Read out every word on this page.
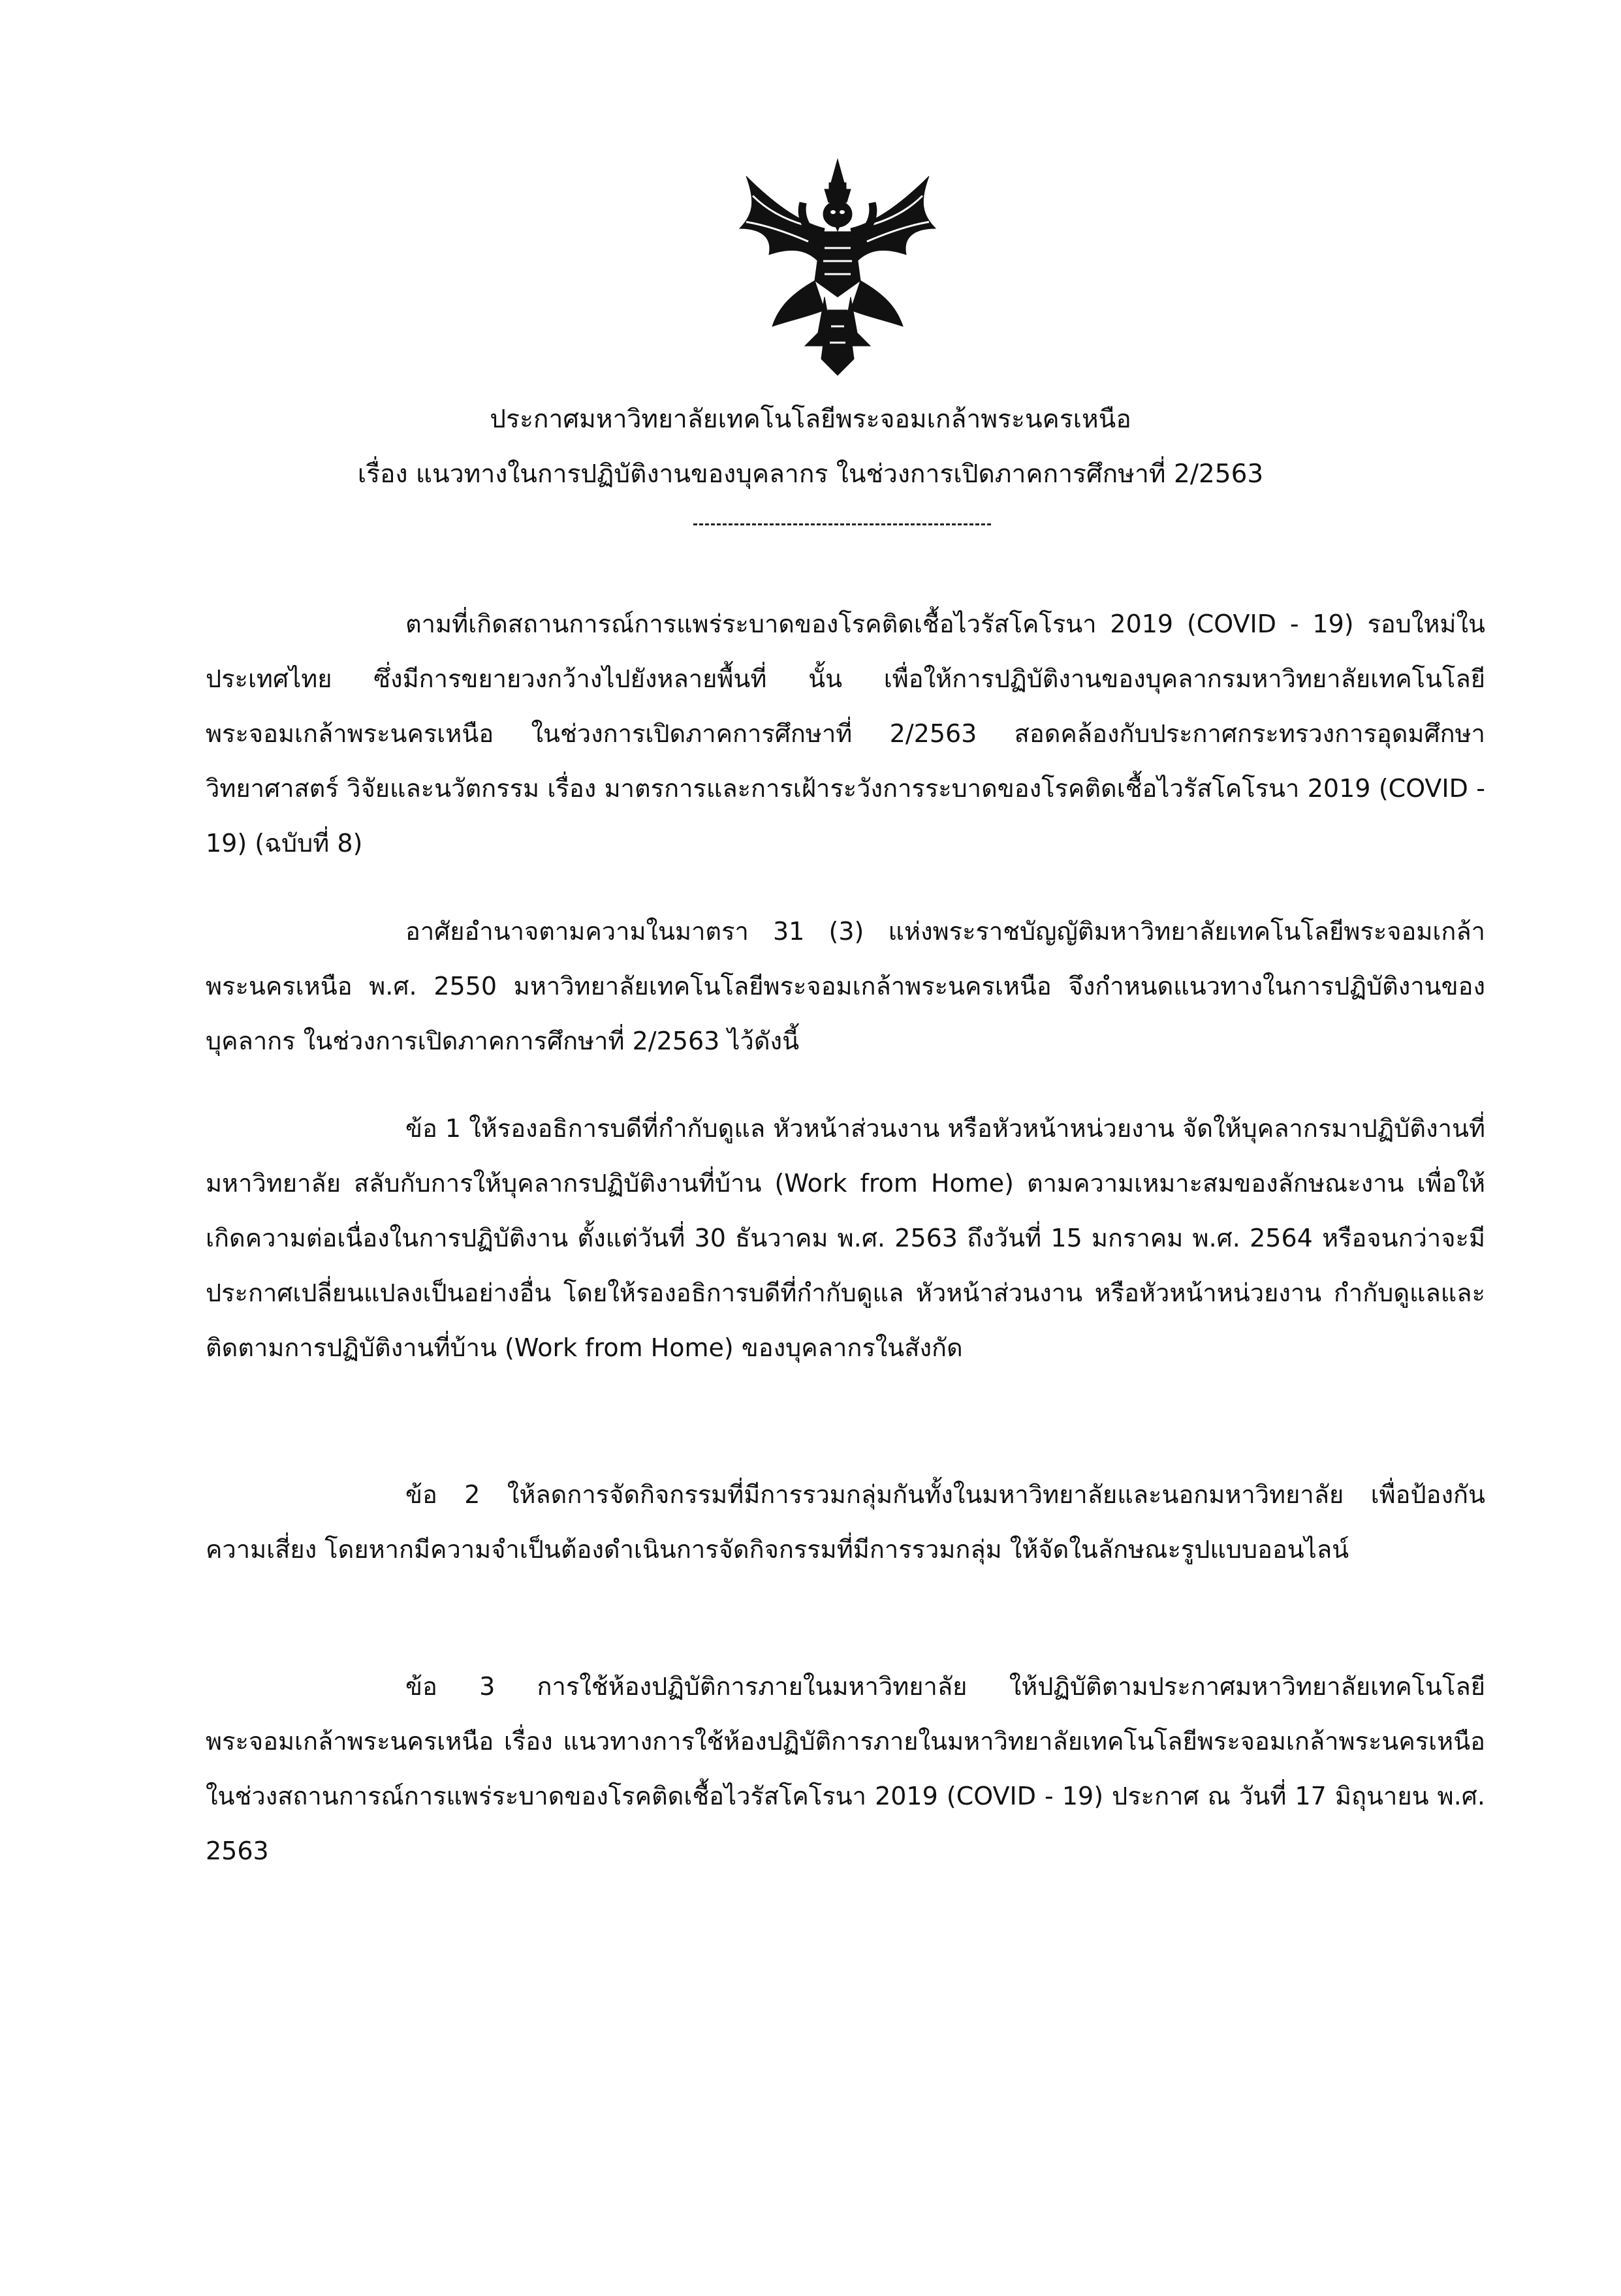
ประกาศมหาวิทยาลัยเทคโนโลยีพระจอมเกล้าพระนครเหนือ
เรื่อง แนวทางในการปฏิบัติงานของบุคลากร ในช่วงการเปิดภาคการศึกษาที่ 2/2563

ตามที่เกิดสถานการณ์การแพร่ระบาดของโรคติดเชื้อไวรัสโคโรนา 2019 (COVID - 19) รอบใหม่ในประเทศไทย ซึ่งมีการขยายวงกว้างไปยังหลายพื้นที่ นั้น เพื่อให้การปฏิบัติงานของบุคลากรมหาวิทยาลัยเทคโนโลยีพระจอมเกล้าพระนครเหนือ ในช่วงการเปิดภาคการศึกษาที่ 2/2563 สอดคล้องกับประกาศกระทรวงการอุดมศึกษา วิทยาศาสตร์ วิจัยและนวัตกรรม เรื่อง มาตรการและการเฝ้าระวังการระบาดของโรคติดเชื้อไวรัสโคโรนา 2019 (COVID - 19) (ฉบับที่ 8)

อาศัยอำนาจตามความในมาตรา 31 (3) แห่งพระราชบัญญัติมหาวิทยาลัยเทคโนโลยีพระจอมเกล้าพระนครเหนือ พ.ศ. 2550 มหาวิทยาลัยเทคโนโลยีพระจอมเกล้าพระนครเหนือ จึงกำหนดแนวทางในการปฏิบัติงานของบุคลากร ในช่วงการเปิดภาคการศึกษาที่ 2/2563 ไว้ดังนี้

ข้อ 1 ให้รองอธิการบดีที่กำกับดูแล หัวหน้าส่วนงาน หรือหัวหน้าหน่วยงาน จัดให้บุคลากรมาปฏิบัติงานที่มหาวิทยาลัย สลับกับการให้บุคลากรปฏิบัติงานที่บ้าน (Work from Home) ตามความเหมาะสมของลักษณะงาน เพื่อให้เกิดความต่อเนื่องในการปฏิบัติงาน ตั้งแต่วันที่ 30 ธันวาคม พ.ศ. 2563 ถึงวันที่ 15 มกราคม พ.ศ. 2564 หรือจนกว่าจะมีประกาศเปลี่ยนแปลงเป็นอย่างอื่น โดยให้รองอธิการบดีที่กำกับดูแล หัวหน้าส่วนงาน หรือหัวหน้าหน่วยงาน กำกับดูแลและติดตามการปฏิบัติงานที่บ้าน (Work from Home) ของบุคลากรในสังกัด

ข้อ 2 ให้ลดการจัดกิจกรรมที่มีการรวมกลุ่มกันทั้งในมหาวิทยาลัยและนอกมหาวิทยาลัย เพื่อป้องกันความเสี่ยง โดยหากมีความจำเป็นต้องดำเนินการจัดกิจกรรมที่มีการรวมกลุ่ม ให้จัดในลักษณะรูปแบบออนไลน์

ข้อ 3 การใช้ห้องปฏิบัติการภายในมหาวิทยาลัย ให้ปฏิบัติตามประกาศมหาวิทยาลัยเทคโนโลยีพระจอมเกล้าพระนครเหนือ เรื่อง แนวทางการใช้ห้องปฏิบัติการภายในมหาวิทยาลัยเทคโนโลยีพระจอมเกล้าพระนครเหนือ ในช่วงสถานการณ์การแพร่ระบาดของโรคติดเชื้อไวรัสโคโรนา 2019 (COVID - 19) ประกาศ ณ วันที่ 17 มิถุนายน พ.ศ. 2563
